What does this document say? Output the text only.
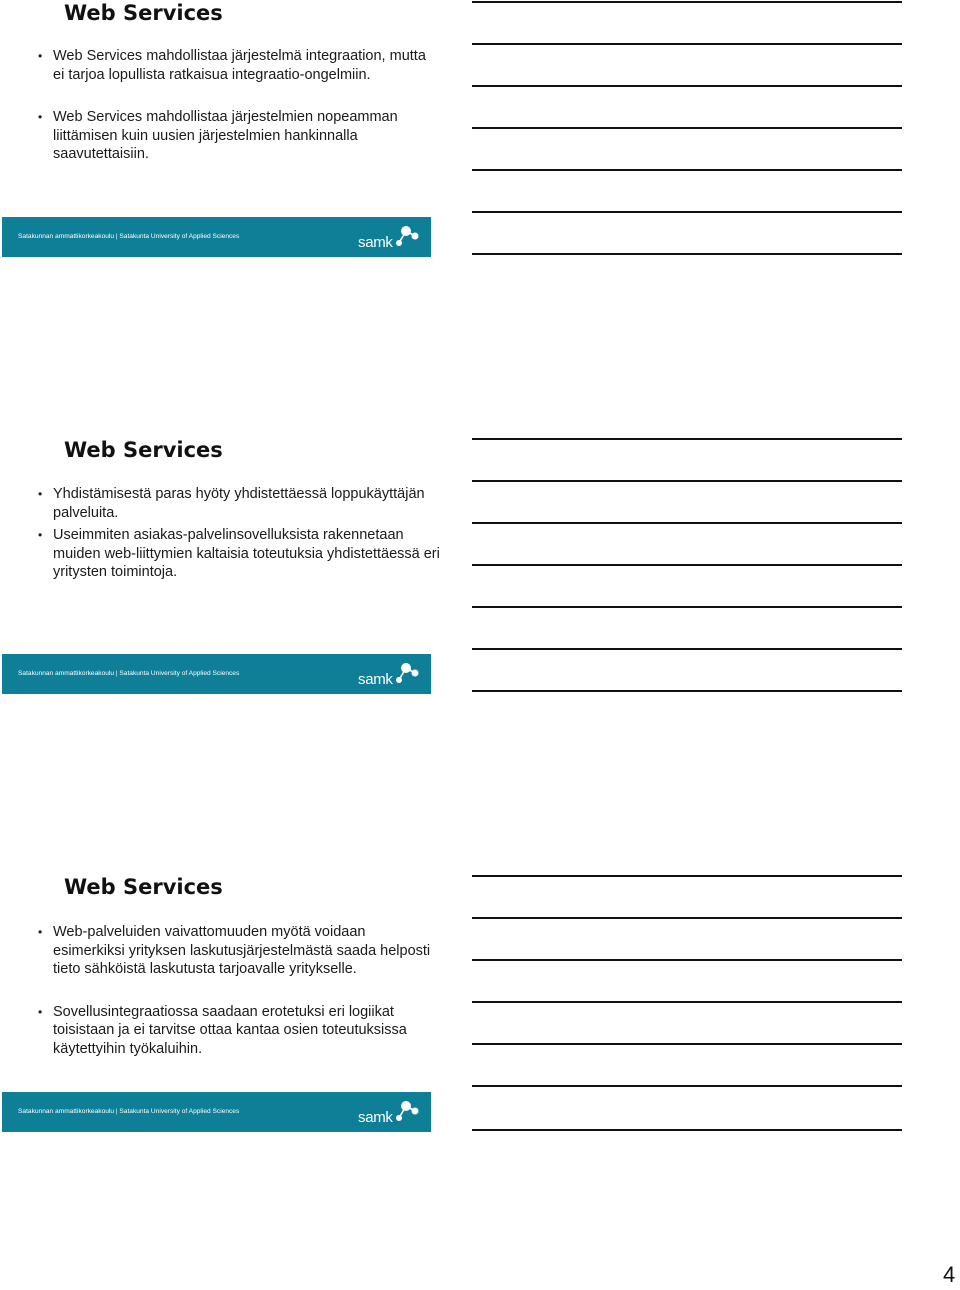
Web Services
• Web Services mahdollistaa järjestelmä integraation, mutta ei tarjoa lopullista ratkaisua integraatio-ongelmiin.
• Web Services mahdollistaa järjestelmien nopeamman liittämisen kuin uusien järjestelmien hankinnalla saavutettaisiin.
Satakunnan ammattikorkeakoulu | Satakunta University of Applied Sciences	samk
Web Services
• Yhdistämisestä paras hyöty yhdistettäessä loppukäyttäjän palveluita.
• Useimmiten asiakas-palvelinsovelluksista rakennetaan muiden web-liittymien kaltaisia toteutuksia yhdistettäessä eri yritysten toimintoja.
Satakunnan ammattikorkeakoulu | Satakunta University of Applied Sciences	samk
Web Services
• Web-palveluiden vaivattomuuden myötä voidaan esimerkiksi yrityksen laskutusjärjestelmästä saada helposti tieto sähköistä laskutusta tarjoavalle yritykselle.
• Sovellusintegraatiossa saadaan erotetuksi eri logiikat toisistaan ja ei tarvitse ottaa kantaa osien toteutuksissa käytettyihin työkaluihin.
Satakunnan ammattikorkeakoulu | Satakunta University of Applied Sciences	samk
4
